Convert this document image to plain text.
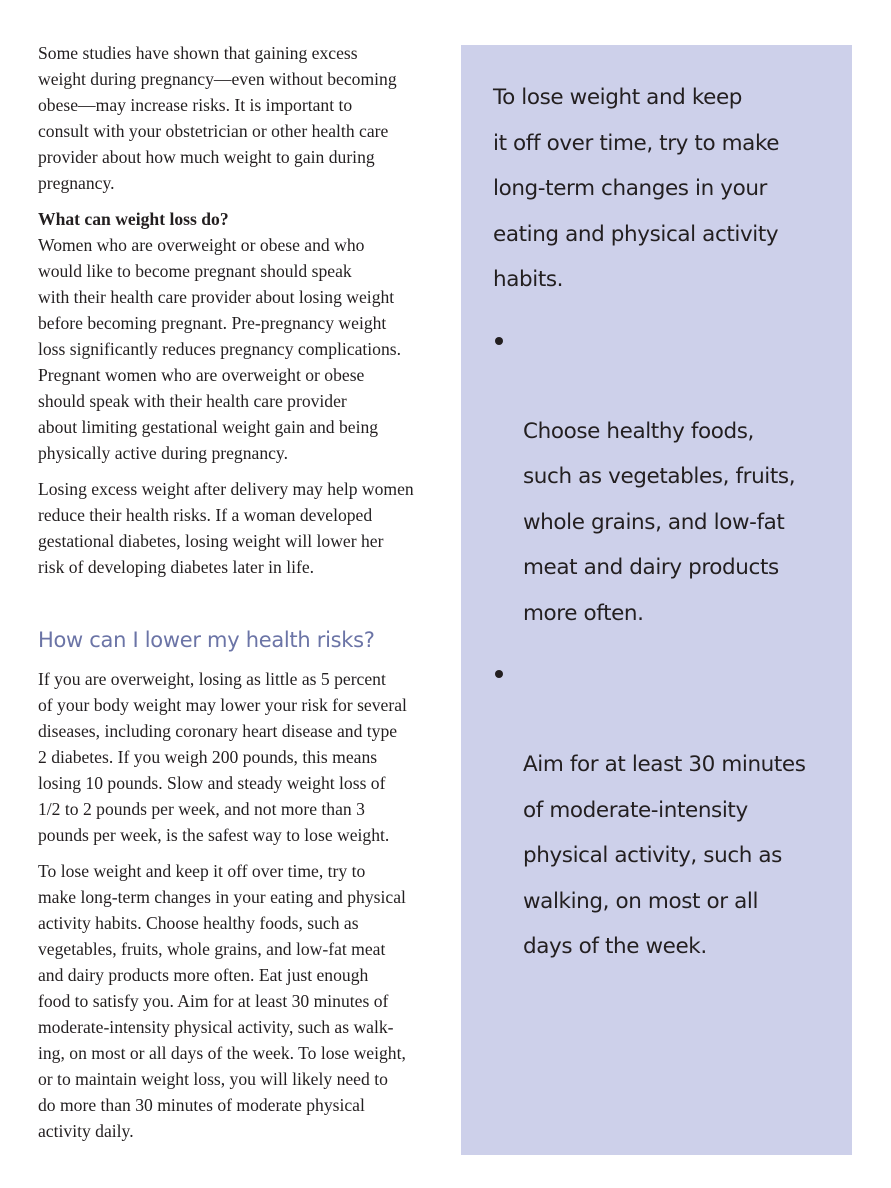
Some studies have shown that gaining excess
weight during pregnancy—even without becoming
obese—may increase risks. It is important to
consult with your obstetrician or other health care
provider about how much weight to gain during
pregnancy.

What can weight loss do?

Women who are overweight or obese and who
would like to become pregnant should speak
with their health care provider about losing weight
before becoming pregnant. Pre-pregnancy weight
loss significantly reduces pregnancy complications.
Pregnant women who are overweight or obese
should speak with their health care provider
about limiting gestational weight gain and being
physically active during pregnancy.

Losing excess weight after delivery may help women
reduce their health risks. If a woman developed
gestational diabetes, losing weight will lower her
risk of developing diabetes later in life.

How can I lower my health risks?

If you are overweight, losing as little as 5 percent
of your body weight may lower your risk for several
diseases, including coronary heart disease and type
2 diabetes. If you weigh 200 pounds, this means
losing 10 pounds. Slow and steady weight loss of
1/2 to 2 pounds per week, and not more than 3
pounds per week, is the safest way to lose weight.

To lose weight and keep it off over time, try to
make long-term changes in your eating and physical
activity habits. Choose healthy foods, such as
vegetables, fruits, whole grains, and low-fat meat
and dairy products more often. Eat just enough
food to satisfy you. Aim for at least 30 minutes of
moderate-intensity physical activity, such as walk-
ing, on most or all days of the week. To lose weight,
or to maintain weight loss, you will likely need to
do more than 30 minutes of moderate physical
activity daily.

To lose weight and keep
it off over time, try to make
long-term changes in your
eating and physical activity
habits.

Choose healthy foods,
such as vegetables, fruits,
whole grains, and low-fat
meat and dairy products
more often.

Aim for at least 30 minutes
of moderate-intensity
physical activity, such as
walking, on most or all
days of the week.
